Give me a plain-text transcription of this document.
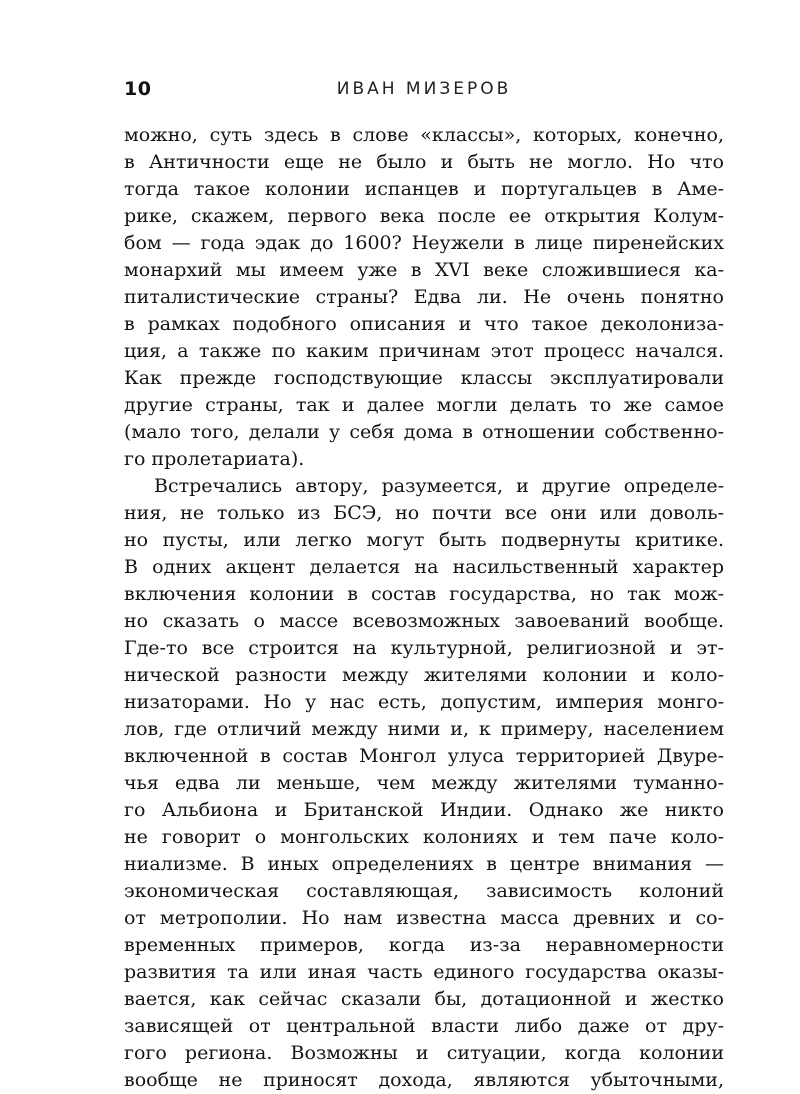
10	ИВАН МИЗЕРОВ
можно, суть здесь в слове «классы», которых, конечно,
в Античности еще не было и быть не могло. Но что
тогда такое колонии испанцев и португальцев в Аме-
рике, скажем, первого века после ее открытия Колум-
бом — года эдак до 1600? Неужели в лице пиренейских
монархий мы имеем уже в XVI веке сложившиеся ка-
питалистические страны? Едва ли. Не очень понятно
в рамках подобного описания и что такое деколониза-
ция, а также по каким причинам этот процесс начался.
Как прежде господствующие классы эксплуатировали
другие страны, так и далее могли делать то же самое
(мало того, делали у себя дома в отношении собственно-
го пролетариата).
Встречались автору, разумеется, и другие определе-
ния, не только из БСЭ, но почти все они или доволь-
но пусты, или легко могут быть подвернуты критике.
В одних акцент делается на насильственный характер
включения колонии в состав государства, но так мож-
но сказать о массе всевозможных завоеваний вообще.
Где-то все строится на культурной, религиозной и эт-
нической разности между жителями колонии и коло-
низаторами. Но у нас есть, допустим, империя монго-
лов, где отличий между ними и, к примеру, населением
включенной в состав Монгол улуса территорией Двуре-
чья едва ли меньше, чем между жителями туманно-
го Альбиона и Британской Индии. Однако же никто
не говорит о монгольских колониях и тем паче коло-
ниализме. В иных определениях в центре внимания —
экономическая составляющая, зависимость колоний
от метрополии. Но нам известна масса древних и со-
временных примеров, когда из-за неравномерности
развития та или иная часть единого государства оказы-
вается, как сейчас сказали бы, дотационной и жестко
зависящей от центральной власти либо даже от дру-
гого региона. Возможны и ситуации, когда колонии
вообще не приносят дохода, являются убыточными,
